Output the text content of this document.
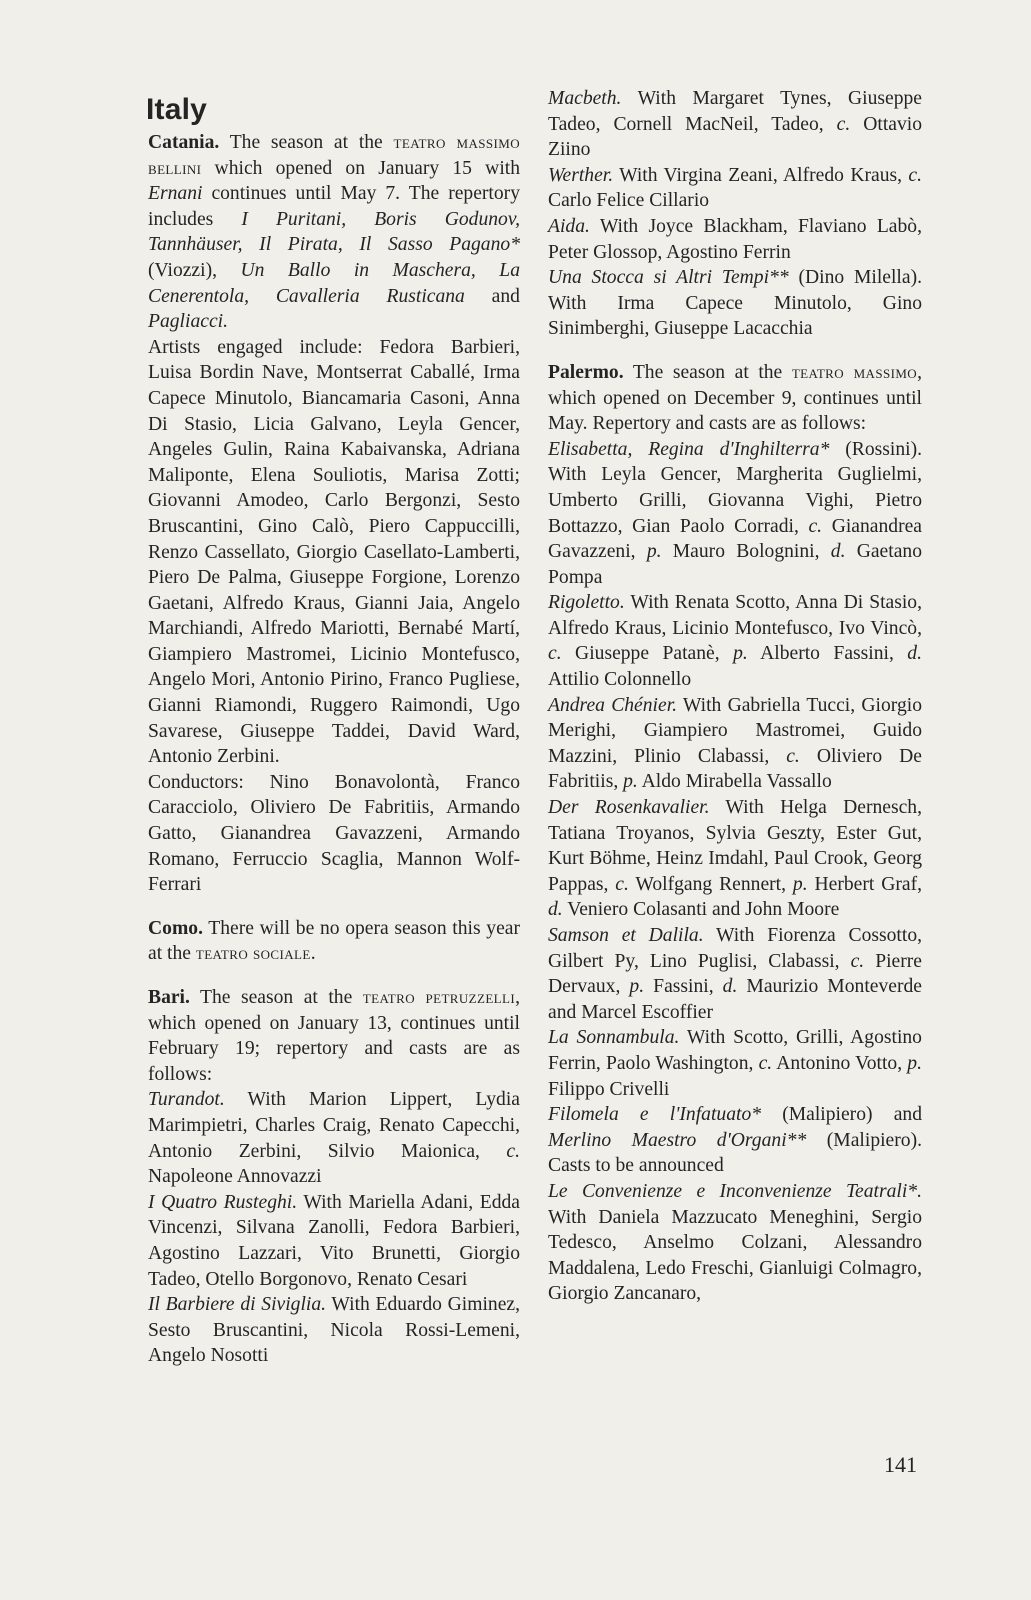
Italy

Catania. The season at the teatro massimo bellini which opened on January 15 with Ernani continues until May 7. The repertory includes I Puritani, Boris Godunov, Tannhäuser, Il Pirata, Il Sasso Pagano* (Viozzi), Un Ballo in Maschera, La Cenerentola, Cavalleria Rusticana and Pagliacci.

Artists engaged include: Fedora Barbieri, Luisa Bordin Nave, Montserrat Caballé, Irma Capece Minutolo, Biancamaria Casoni, Anna Di Stasio, Licia Galvano, Leyla Gencer, Angeles Gulin, Raina Kabaivanska, Adriana Maliponte, Elena Souliotis, Marisa Zotti; Giovanni Amodeo, Carlo Bergonzi, Sesto Bruscantini, Gino Calò, Piero Cappuccilli, Renzo Cassellato, Giorgio Casellato-Lamberti, Piero De Palma, Giuseppe Forgione, Lorenzo Gaetani, Alfredo Kraus, Gianni Jaia, Angelo Marchiandi, Alfredo Mariotti, Bernabé Martí, Giampiero Mastromei, Licinio Montefusco, Angelo Mori, Antonio Pirino, Franco Pugliese, Gianni Riamondi, Ruggero Raimondi, Ugo Savarese, Giuseppe Taddei, David Ward, Antonio Zerbini.

Conductors: Nino Bonavolontà, Franco Caracciolo, Oliviero De Fabritiis, Armando Gatto, Gianandrea Gavazzeni, Armando Romano, Ferruccio Scaglia, Mannon Wolf-Ferrari

Como. There will be no opera season this year at the teatro sociale.

Bari. The season at the teatro petruzzelli, which opened on January 13, continues until February 19; repertory and casts are as follows:

Turandot. With Marion Lippert, Lydia Marimpietri, Charles Craig, Renato Capecchi, Antonio Zerbini, Silvio Maionica, c. Napoleone Annovazzi

I Quatro Rusteghi. With Mariella Adani, Edda Vincenzi, Silvana Zanolli, Fedora Barbieri, Agostino Lazzari, Vito Brunetti, Giorgio Tadeo, Otello Borgonovo, Renato Cesari

Il Barbiere di Siviglia. With Eduardo Giminez, Sesto Bruscantini, Nicola Rossi-Lemeni, Angelo Nosotti

Macbeth. With Margaret Tynes, Giuseppe Tadeo, Cornell MacNeil, Tadeo, c. Ottavio Ziino

Werther. With Virgina Zeani, Alfredo Kraus, c. Carlo Felice Cillario

Aida. With Joyce Blackham, Flaviano Labò, Peter Glossop, Agostino Ferrin

Una Stocca si Altri Tempi** (Dino Milella). With Irma Capece Minutolo, Gino Sinimberghi, Giuseppe Lacacchia

Palermo. The season at the teatro massimo, which opened on December 9, continues until May. Repertory and casts are as follows:

Elisabetta, Regina d'Inghilterra* (Rossini). With Leyla Gencer, Margherita Guglielmi, Umberto Grilli, Giovanna Vighi, Pietro Bottazzo, Gian Paolo Corradi, c. Gianandrea Gavazzeni, p. Mauro Bolognini, d. Gaetano Pompa

Rigoletto. With Renata Scotto, Anna Di Stasio, Alfredo Kraus, Licinio Montefusco, Ivo Vincò, c. Giuseppe Patanè, p. Alberto Fassini, d. Attilio Colonnello

Andrea Chénier. With Gabriella Tucci, Giorgio Merighi, Giampiero Mastromei, Guido Mazzini, Plinio Clabassi, c. Oliviero De Fabritiis, p. Aldo Mirabella Vassallo

Der Rosenkavalier. With Helga Dernesch, Tatiana Troyanos, Sylvia Geszty, Ester Gut, Kurt Böhme, Heinz Imdahl, Paul Crook, Georg Pappas, c. Wolfgang Rennert, p. Herbert Graf, d. Veniero Colasanti and John Moore

Samson et Dalila. With Fiorenza Cossotto, Gilbert Py, Lino Puglisi, Clabassi, c. Pierre Dervaux, p. Fassini, d. Maurizio Monteverde and Marcel Escoffier

La Sonnambula. With Scotto, Grilli, Agostino Ferrin, Paolo Washington, c. Antonino Votto, p. Filippo Crivelli

Filomela e l'Infatuato* (Malipiero) and Merlino Maestro d'Organi** (Malipiero). Casts to be announced

Le Convenienze e Inconvenienze Teatrali*. With Daniela Mazzucato Meneghini, Sergio Tedesco, Anselmo Colzani, Alessandro Maddalena, Ledo Freschi, Gianluigi Colmagro, Giorgio Zancanaro,

141
